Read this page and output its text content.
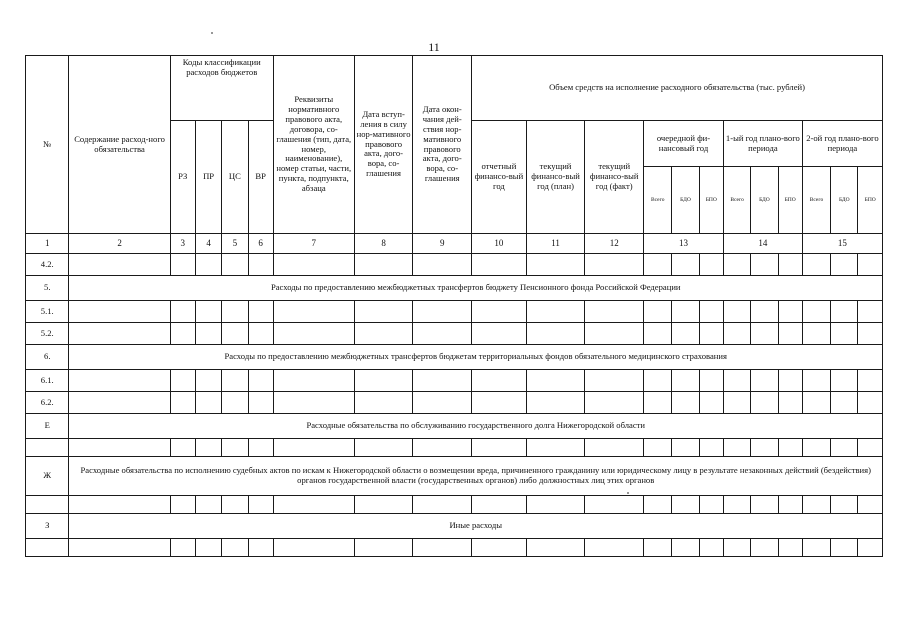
11
№	Содержание расход-ного обязательства	Коды классификации расходов бюджетов				Реквизиты нормативного правового акта, договора, со-глашения (тип, дата, номер, наименование), номер статьи, части, пункта, подпункта, абзаца	Дата вступ-ления в силу нор-мативного правового акта, дого-вора, со-глашения	Дата окон-чания дей-ствия нор-мативного правового акта, дого-вора, со-глашения	Объем средств на исполнение расходного обязательства (тыс. рублей)											
		РЗ	ПР	ЦС	ВР				отчетный финансо-вый год	текущий финансо-вый год (план)	текущий финансо-вый год (факт)	очередной фи-нансовый год			1-ый год плано-вого периода			2-ой год плано-вого периода		
												Всего	БДО	БПО	Всего	БДО	БПО	Всего	БДО	БПО
1	2	3	4	5	6	7	8	9	10	11	12	13			14			15		
4.2.																				
5.	Расходы по предоставлению межбюджетных трансфертов бюджету Пенсионного фонда Российской Федерации																			
5.1.																				
5.2.																				
6.	Расходы по предоставлению межбюджетных трансфертов бюджетам территориальных фондов обязательного медицинского страхования																			
6.1.																				
6.2.																				
Е	Расходные обязательства по обслуживанию государственного долга Нижегородской области																			

Ж	Расходные обязательства по исполнению судебных актов по искам к Нижегородской области о возмещении вреда, причиненного гражданину или юридическому лицу в результате незаконных действий (бездействия) органов государственной власти (государственных органов) либо должностных лиц этих органов																			

З	Иные расходы																			
